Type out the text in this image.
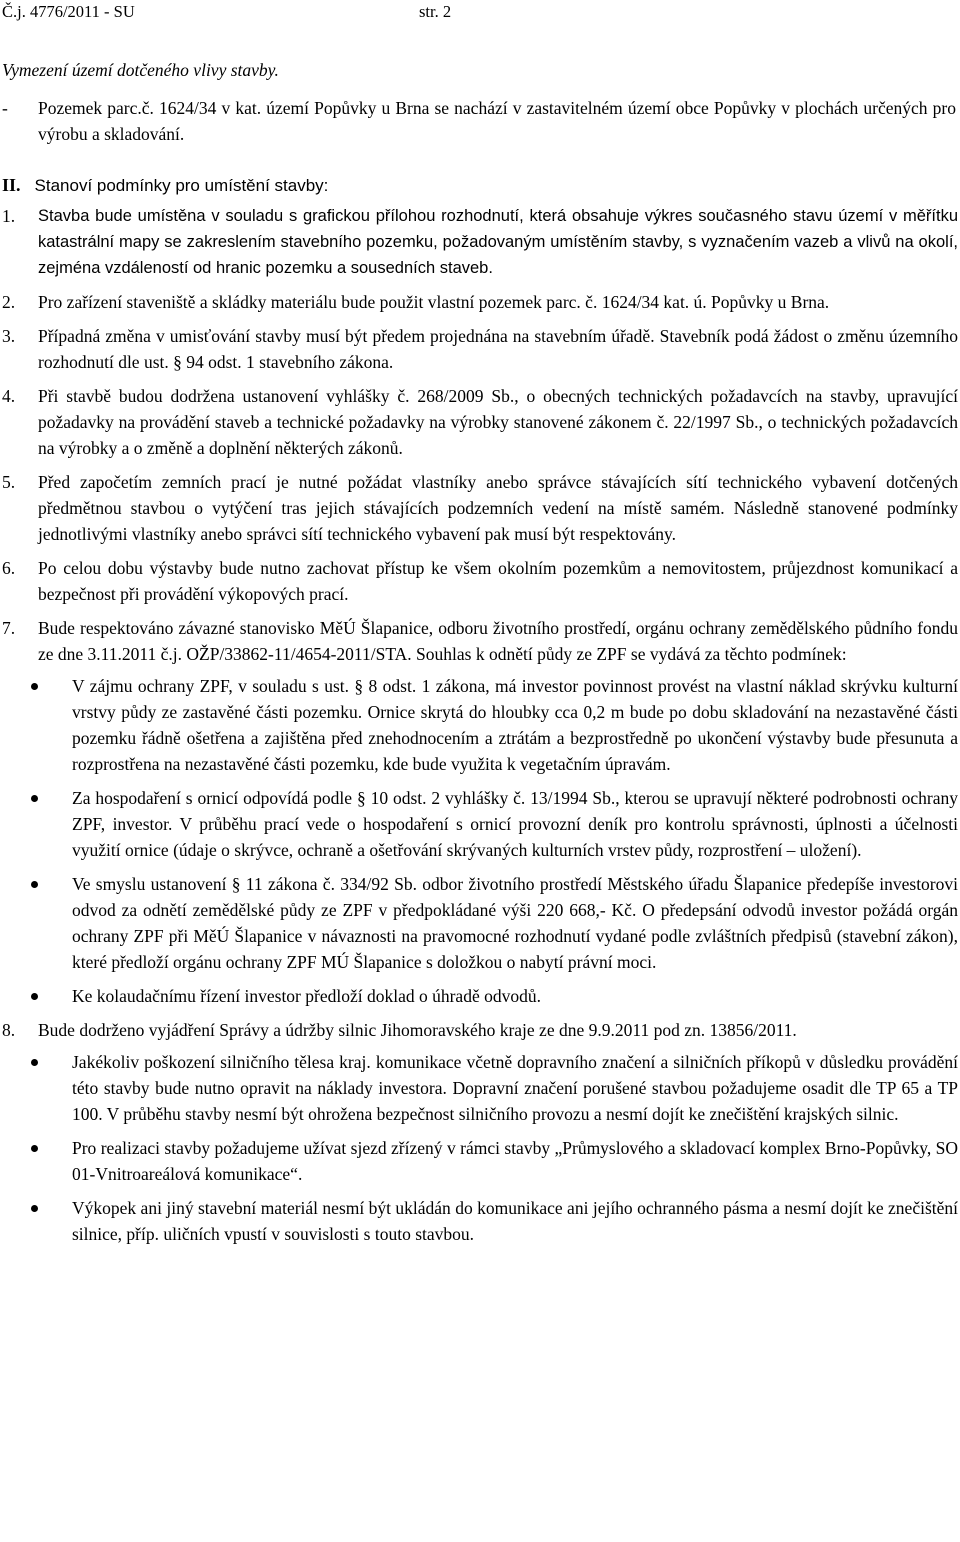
Č.j. 4776/2011 - SU	str. 2
Vymezení území dotčeného vlivy stavby.
- Pozemek parc.č. 1624/34 v kat. území Popůvky u Brna se nachází v zastavitelném území obce Popůvky v plochách určených pro výrobu a skladování.
II. Stanoví podmínky pro umístění stavby:
1. Stavba bude umístěna v souladu s grafickou přílohou rozhodnutí, která obsahuje výkres současného stavu území v měřítku katastrální mapy se zakreslením stavebního pozemku, požadovaným umístěním stavby, s vyznačením vazeb a vlivů na okolí, zejména vzdáleností od hranic pozemku a sousedních staveb.
2. Pro zařízení staveniště a skládky materiálu bude použit vlastní pozemek parc. č. 1624/34 kat. ú. Popůvky u Brna.
3. Případná změna v umisťování stavby musí být předem projednána na stavebním úřadě. Stavebník podá žádost o změnu územního rozhodnutí dle ust. § 94 odst. 1 stavebního zákona.
4. Při stavbě budou dodržena ustanovení vyhlášky č. 268/2009 Sb., o obecných technických požadavcích na stavby, upravující požadavky na provádění staveb a technické požadavky na výrobky stanovené zákonem č. 22/1997 Sb., o technických požadavcích na výrobky a o změně a doplnění některých zákonů.
5. Před započetím zemních prací je nutné požádat vlastníky anebo správce stávajících sítí technického vybavení dotčených předmětnou stavbou o vytýčení tras jejich stávajících podzemních vedení na místě samém. Následně stanovené podmínky jednotlivými vlastníky anebo správci sítí technického vybavení pak musí být respektovány.
6. Po celou dobu výstavby bude nutno zachovat přístup ke všem okolním pozemkům a nemovitostem, průjezdnost komunikací a bezpečnost při provádění výkopových prací.
7. Bude respektováno závazné stanovisko MěÚ Šlapanice, odboru životního prostředí, orgánu ochrany zemědělského půdního fondu ze dne 3.11.2011 č.j. OŽP/33862-11/4654-2011/STA. Souhlas k odnětí půdy ze ZPF se vydává za těchto podmínek:
V zájmu ochrany ZPF, v souladu s ust. § 8 odst. 1 zákona, má investor povinnost provést na vlastní náklad skrývku kulturní vrstvy půdy ze zastavěné části pozemku. Ornice skrytá do hloubky cca 0,2 m bude po dobu skladování na nezastavěné části pozemku řádně ošetřena a zajištěna před znehodnocením a ztrátám a bezprostředně po ukončení výstavby bude přesunuta a rozprostřena na nezastavěné části pozemku, kde bude využita k vegetačním úpravám.
Za hospodaření s ornicí odpovídá podle § 10 odst. 2 vyhlášky č. 13/1994 Sb., kterou se upravují některé podrobnosti ochrany ZPF, investor. V průběhu prací vede o hospodaření s ornicí provozní deník pro kontrolu správnosti, úplnosti a účelnosti využití ornice (údaje o skrývce, ochraně a ošetřování skrývaných kulturních vrstev půdy, rozprostření – uložení).
Ve smyslu ustanovení § 11 zákona č. 334/92 Sb. odbor životního prostředí Městského úřadu Šlapanice předepíše investorovi odvod za odnětí zemědělské půdy ze ZPF v předpokládané výši 220 668,- Kč. O předepsání odvodů investor požádá orgán ochrany ZPF při MěÚ Šlapanice v návaznosti na pravomocné rozhodnutí vydané podle zvláštních předpisů (stavební zákon), které předloží orgánu ochrany ZPF MÚ Šlapanice s doložkou o nabytí právní moci.
Ke kolaudačnímu řízení investor předloží doklad o úhradě odvodů.
8. Bude dodrženo vyjádření Správy a údržby silnic Jihomoravského kraje ze dne 9.9.2011 pod zn. 13856/2011.
Jakékoliv poškození silničního tělesa kraj. komunikace včetně dopravního značení a silničních příkopů v důsledku provádění této stavby bude nutno opravit na náklady investora. Dopravní značení porušené stavbou požadujeme osadit dle TP 65 a TP 100. V průběhu stavby nesmí být ohrožena bezpečnost silničního provozu a nesmí dojít ke znečištění krajských silnic.
Pro realizaci stavby požadujeme užívat sjezd zřízený v rámci stavby „Průmyslového a skladovací komplex Brno-Popůvky, SO 01-Vnitroareálová komunikace“.
Výkopek ani jiný stavební materiál nesmí být ukládán do komunikace ani jejího ochranného pásma a nesmí dojít ke znečištění silnice, příp. uličních vpustí v souvislosti s touto stavbou.
